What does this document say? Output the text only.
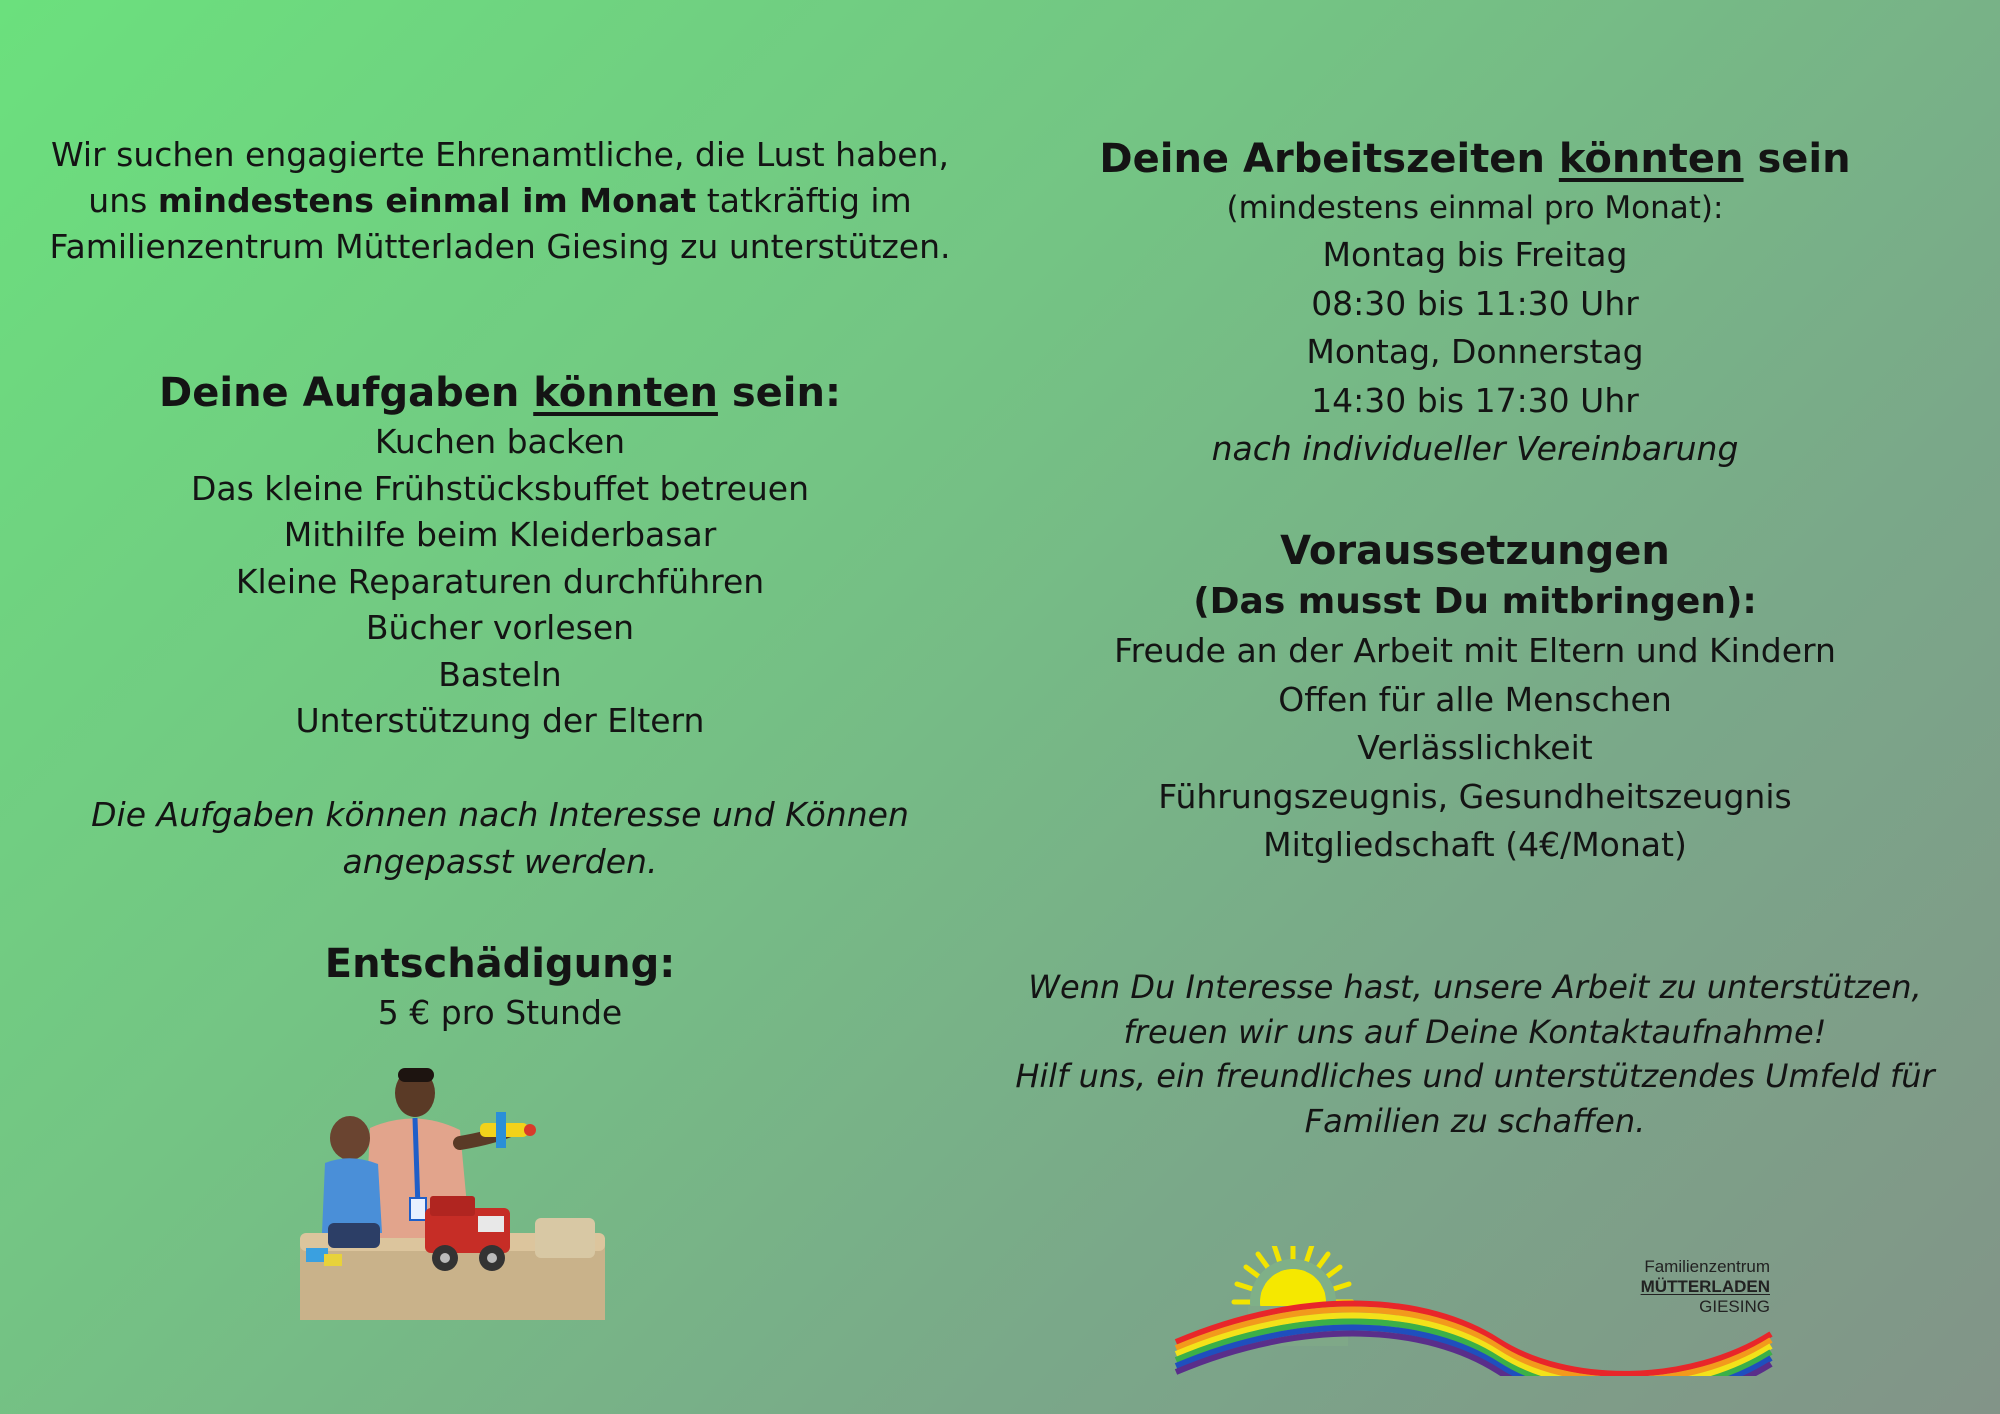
Wir suchen engagierte Ehrenamtliche, die Lust haben,
uns mindestens einmal im Monat tatkräftig im
Familienzentrum Mütterladen Giesing zu unterstützen.
Deine Aufgaben könnten sein:
Kuchen backen
Das kleine Frühstücksbuffet betreuen
Mithilfe beim Kleiderbasar
Kleine Reparaturen durchführen
Bücher vorlesen
Basteln
Unterstützung der Eltern
Die Aufgaben können nach Interesse und Können
angepasst werden.
Entschädigung:
5 € pro Stunde
Deine Arbeitszeiten könnten sein
(mindestens einmal pro Monat):
Montag bis Freitag
08:30 bis 11:30 Uhr
Montag, Donnerstag
14:30 bis 17:30 Uhr
nach individueller Vereinbarung
Voraussetzungen
(Das musst Du mitbringen):
Freude an der Arbeit mit Eltern und Kindern
Offen für alle Menschen
Verlässlichkeit
Führungszeugnis, Gesundheitszeugnis
Mitgliedschaft (4€/Monat)
Wenn Du Interesse hast, unsere Arbeit zu unterstützen,
freuen wir uns auf Deine Kontaktaufnahme!
Hilf uns, ein freundliches und unterstützendes Umfeld für
Familien zu schaffen.
Familienzentrum
MÜTTERLADEN
GIESING
